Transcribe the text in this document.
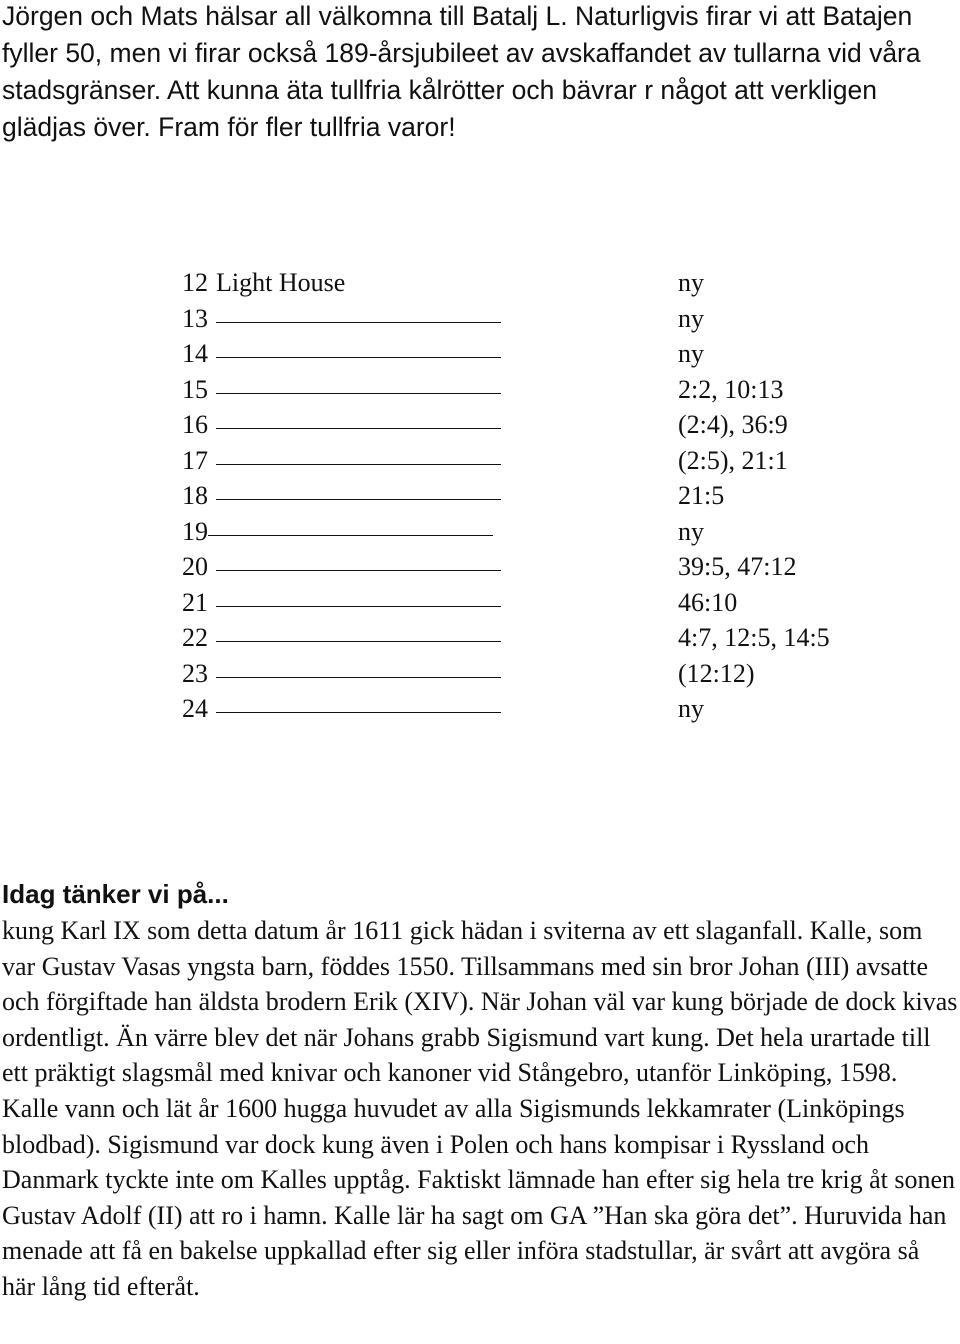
Jörgen och Mats hälsar all välkomna till Batalj L. Naturligvis firar vi att Batajen fyller 50, men vi firar också 189-årsjubileet av avskaffandet av tullarna vid våra stadsgränser. Att kunna äta tullfria kålrötter och bävrar r något att verkligen glädjas över. Fram för fler tullfria varor!

12 Light House	ny
13	ny
14	ny
15	2:2, 10:13
16	(2:4), 36:9
17	(2:5), 21:1
18	21:5
19	ny
20	39:5, 47:12
21	46:10
22	4:7, 12:5, 14:5
23	(12:12)
24	ny
Idag tänker vi på...

kung Karl IX som detta datum år 1611 gick hädan i sviterna av ett slaganfall. Kalle, som var Gustav Vasas yngsta barn, föddes 1550. Tillsammans med sin bror Johan (III) avsatte och förgiftade han äldsta brodern Erik (XIV). När Johan väl var kung började de dock kivas ordentligt. Än värre blev det när Johans grabb Sigismund vart kung. Det hela urartade till ett präktigt slagsmål med knivar och kanoner vid Stångebro, utanför Linköping, 1598. Kalle vann och lät år 1600 hugga huvudet av alla Sigismunds lekkamrater (Linköpings blodbad). Sigismund var dock kung även i Polen och hans kompisar i Ryssland och Danmark tyckte inte om Kalles upptåg. Faktiskt lämnade han efter sig hela tre krig åt sonen Gustav Adolf (II) att ro i hamn. Kalle lär ha sagt om GA ”Han ska göra det”. Huruvida han menade att få en bakelse uppkallad efter sig eller införa stadstullar, är svårt att avgöra så här lång tid efteråt.
